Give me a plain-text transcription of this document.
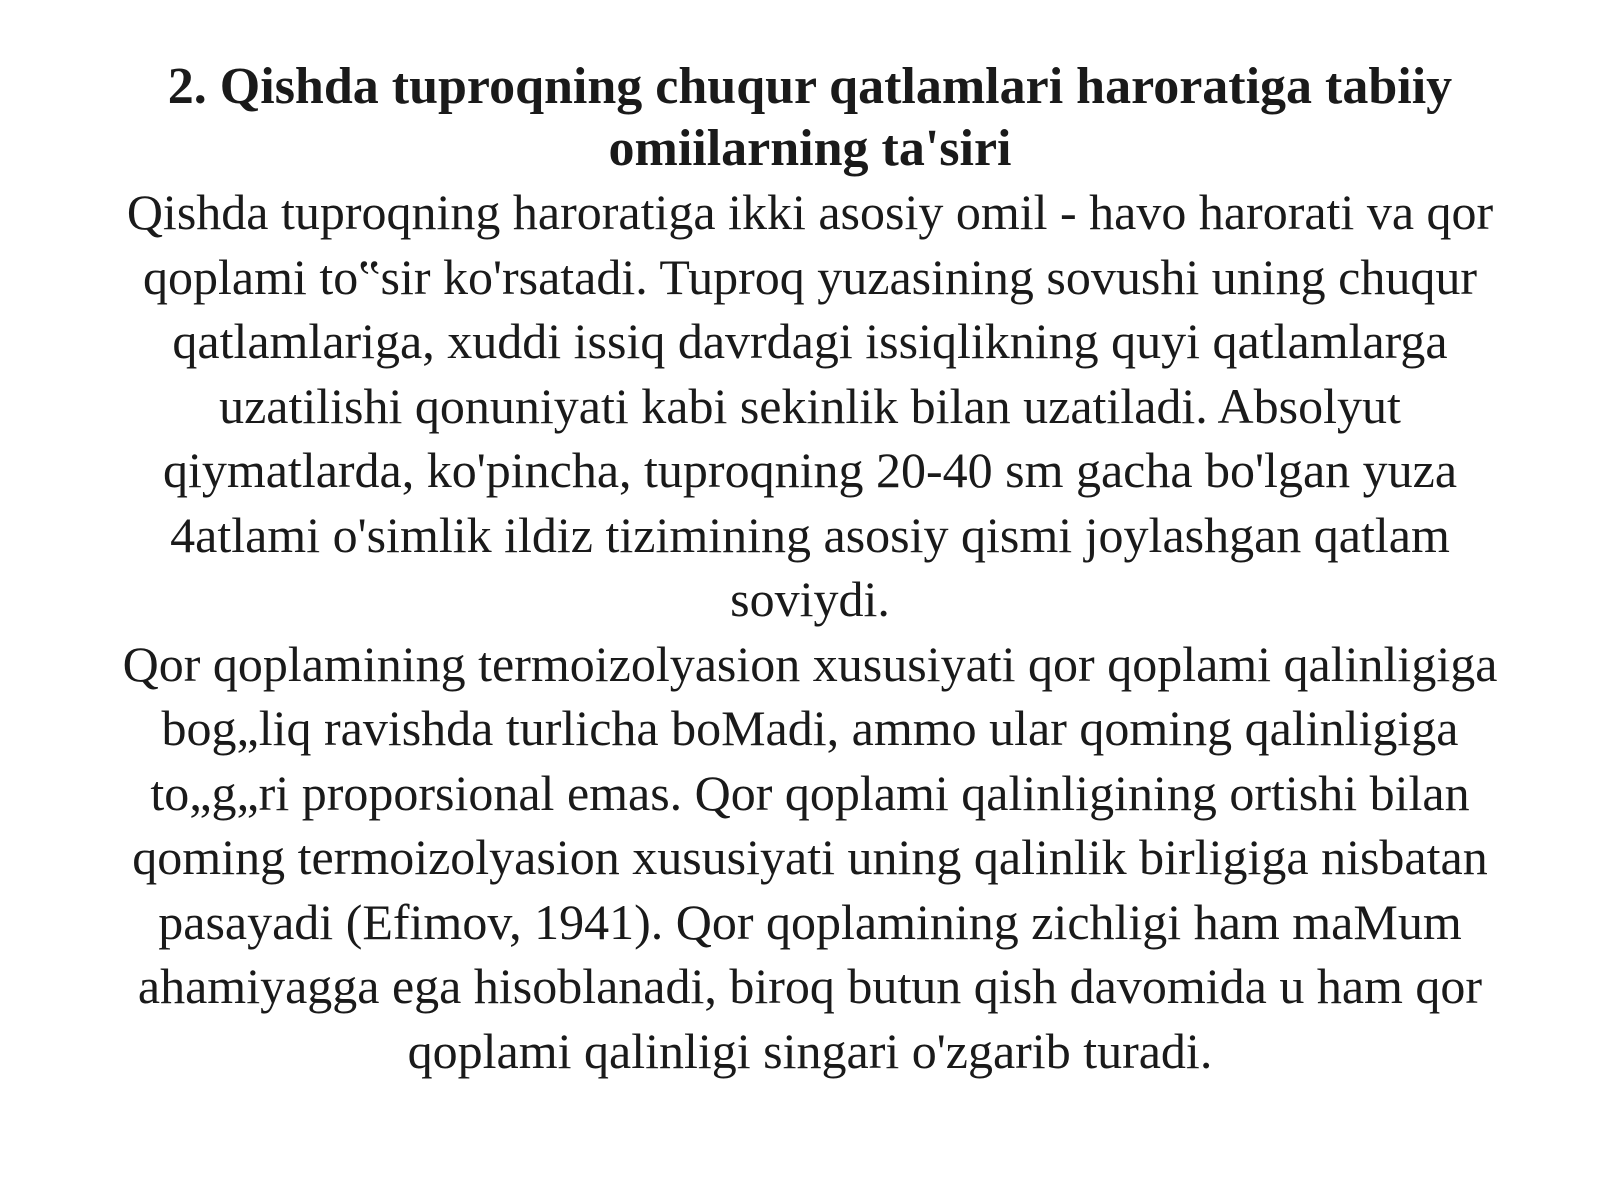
2. Qishda tuproqning chuqur qatlamlari haroratiga tabiiy omiilarning ta'siri

Qishda tuproqning haroratiga ikki asosiy omil - havo harorati va qor qoplami to‟sir ko'rsatadi. Tuproq yuzasining sovushi uning chuqur qatlamlariga, xuddi issiq davrdagi issiqlikning quyi qatlamlarga uzatilishi qonuniyati kabi sekinlik bilan uzatiladi. Absolyut qiymatlarda, ko'pincha, tuproqning 20-40 sm gacha bo'lgan yuza 4atlami o'simlik ildiz tizimining asosiy qismi joylashgan qatlam soviydi.

Qor qoplamining termoizolyasion xususiyati qor qoplami qalinligiga bog„liq ravishda turlicha boMadi, ammo ular qoming qalinligiga to„g„ri proporsional emas. Qor qoplami qalinligining ortishi bilan qoming termoizolyasion xususiyati uning qalinlik birligiga nisbatan pasayadi (Efimov, 1941). Qor qoplamining zichligi ham maMum ahamiyagga ega hisoblanadi, biroq butun qish davomida u ham qor qoplami qalinligi singari o'zgarib turadi.
